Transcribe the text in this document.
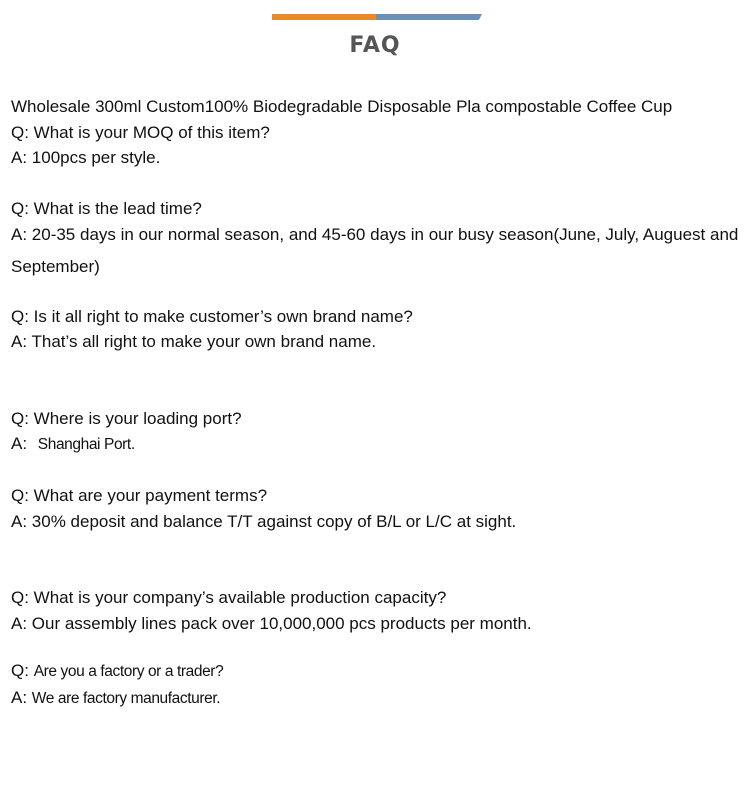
FAQ
Wholesale 300ml Custom100% Biodegradable Disposable Pla compostable Coffee Cup
Q: What is your MOQ of this item?
A: 100pcs per style.
Q: What is the lead time?
A: 20-35 days in our normal season, and 45-60 days in our busy season(June, July, Auguest and September)
Q: Is it all right to make customer’s own brand name?
A: That’s all right to make your own brand name.
Q: Where is your loading port?
A: Shanghai Port.
Q: What are your payment terms?
A: 30% deposit and balance T/T against copy of B/L or L/C at sight.
Q: What is your company’s available production capacity?
A: Our assembly lines pack over 10,000,000 pcs products per month.
Q: Are you a factory or a trader?
A: We are factory manufacturer.
